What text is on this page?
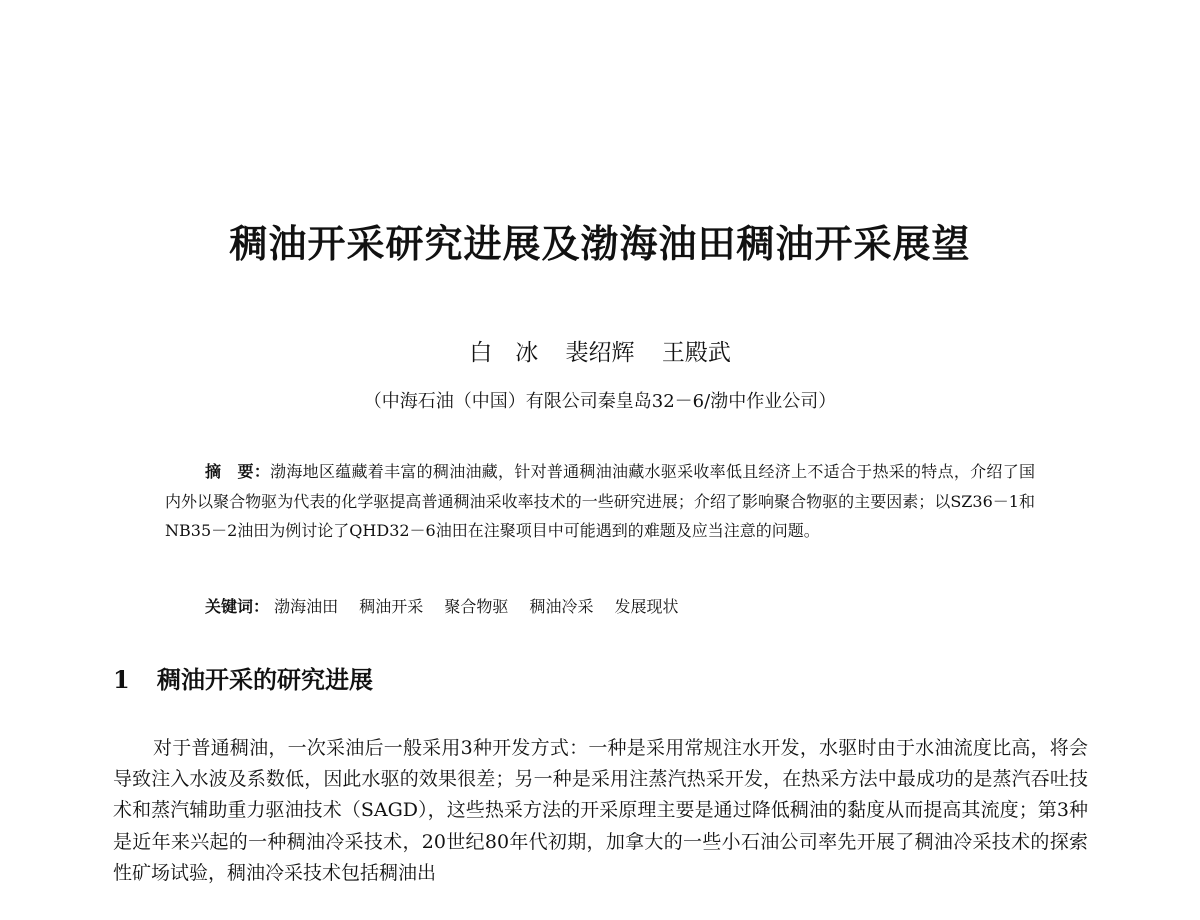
稠油开采研究进展及渤海油田稠油开采展望
白　冰 裴绍辉 王殿武
（中海石油（中国）有限公司秦皇岛32－6/渤中作业公司）
摘　要：渤海地区蕴藏着丰富的稠油油藏，针对普通稠油油藏水驱采收率低且经济上不适合于热采的特点，介绍了国内外以聚合物驱为代表的化学驱提高普通稠油采收率技术的一些研究进展；介绍了影响聚合物驱的主要因素；以SZ36－1和NB35－2油田为例讨论了QHD32－6油田在注聚项目中可能遇到的难题及应当注意的问题。
关键词： 渤海油田 稠油开采 聚合物驱 稠油冷采 发展现状
1 稠油开采的研究进展
对于普通稠油，一次采油后一般采用3种开发方式：一种是采用常规注水开发，水驱时由于水油流度比高，将会导致注入水波及系数低，因此水驱的效果很差；另一种是采用注蒸汽热采开发，在热采方法中最成功的是蒸汽吞吐技术和蒸汽辅助重力驱油技术（SAGD），这些热采方法的开采原理主要是通过降低稠油的黏度从而提高其流度；第3种是近年来兴起的一种稠油冷采技术，20世纪80年代初期，加拿大的一些小石油公司率先开展了稠油冷采技术的探索性矿场试验，稠油冷采技术包括稠油出
